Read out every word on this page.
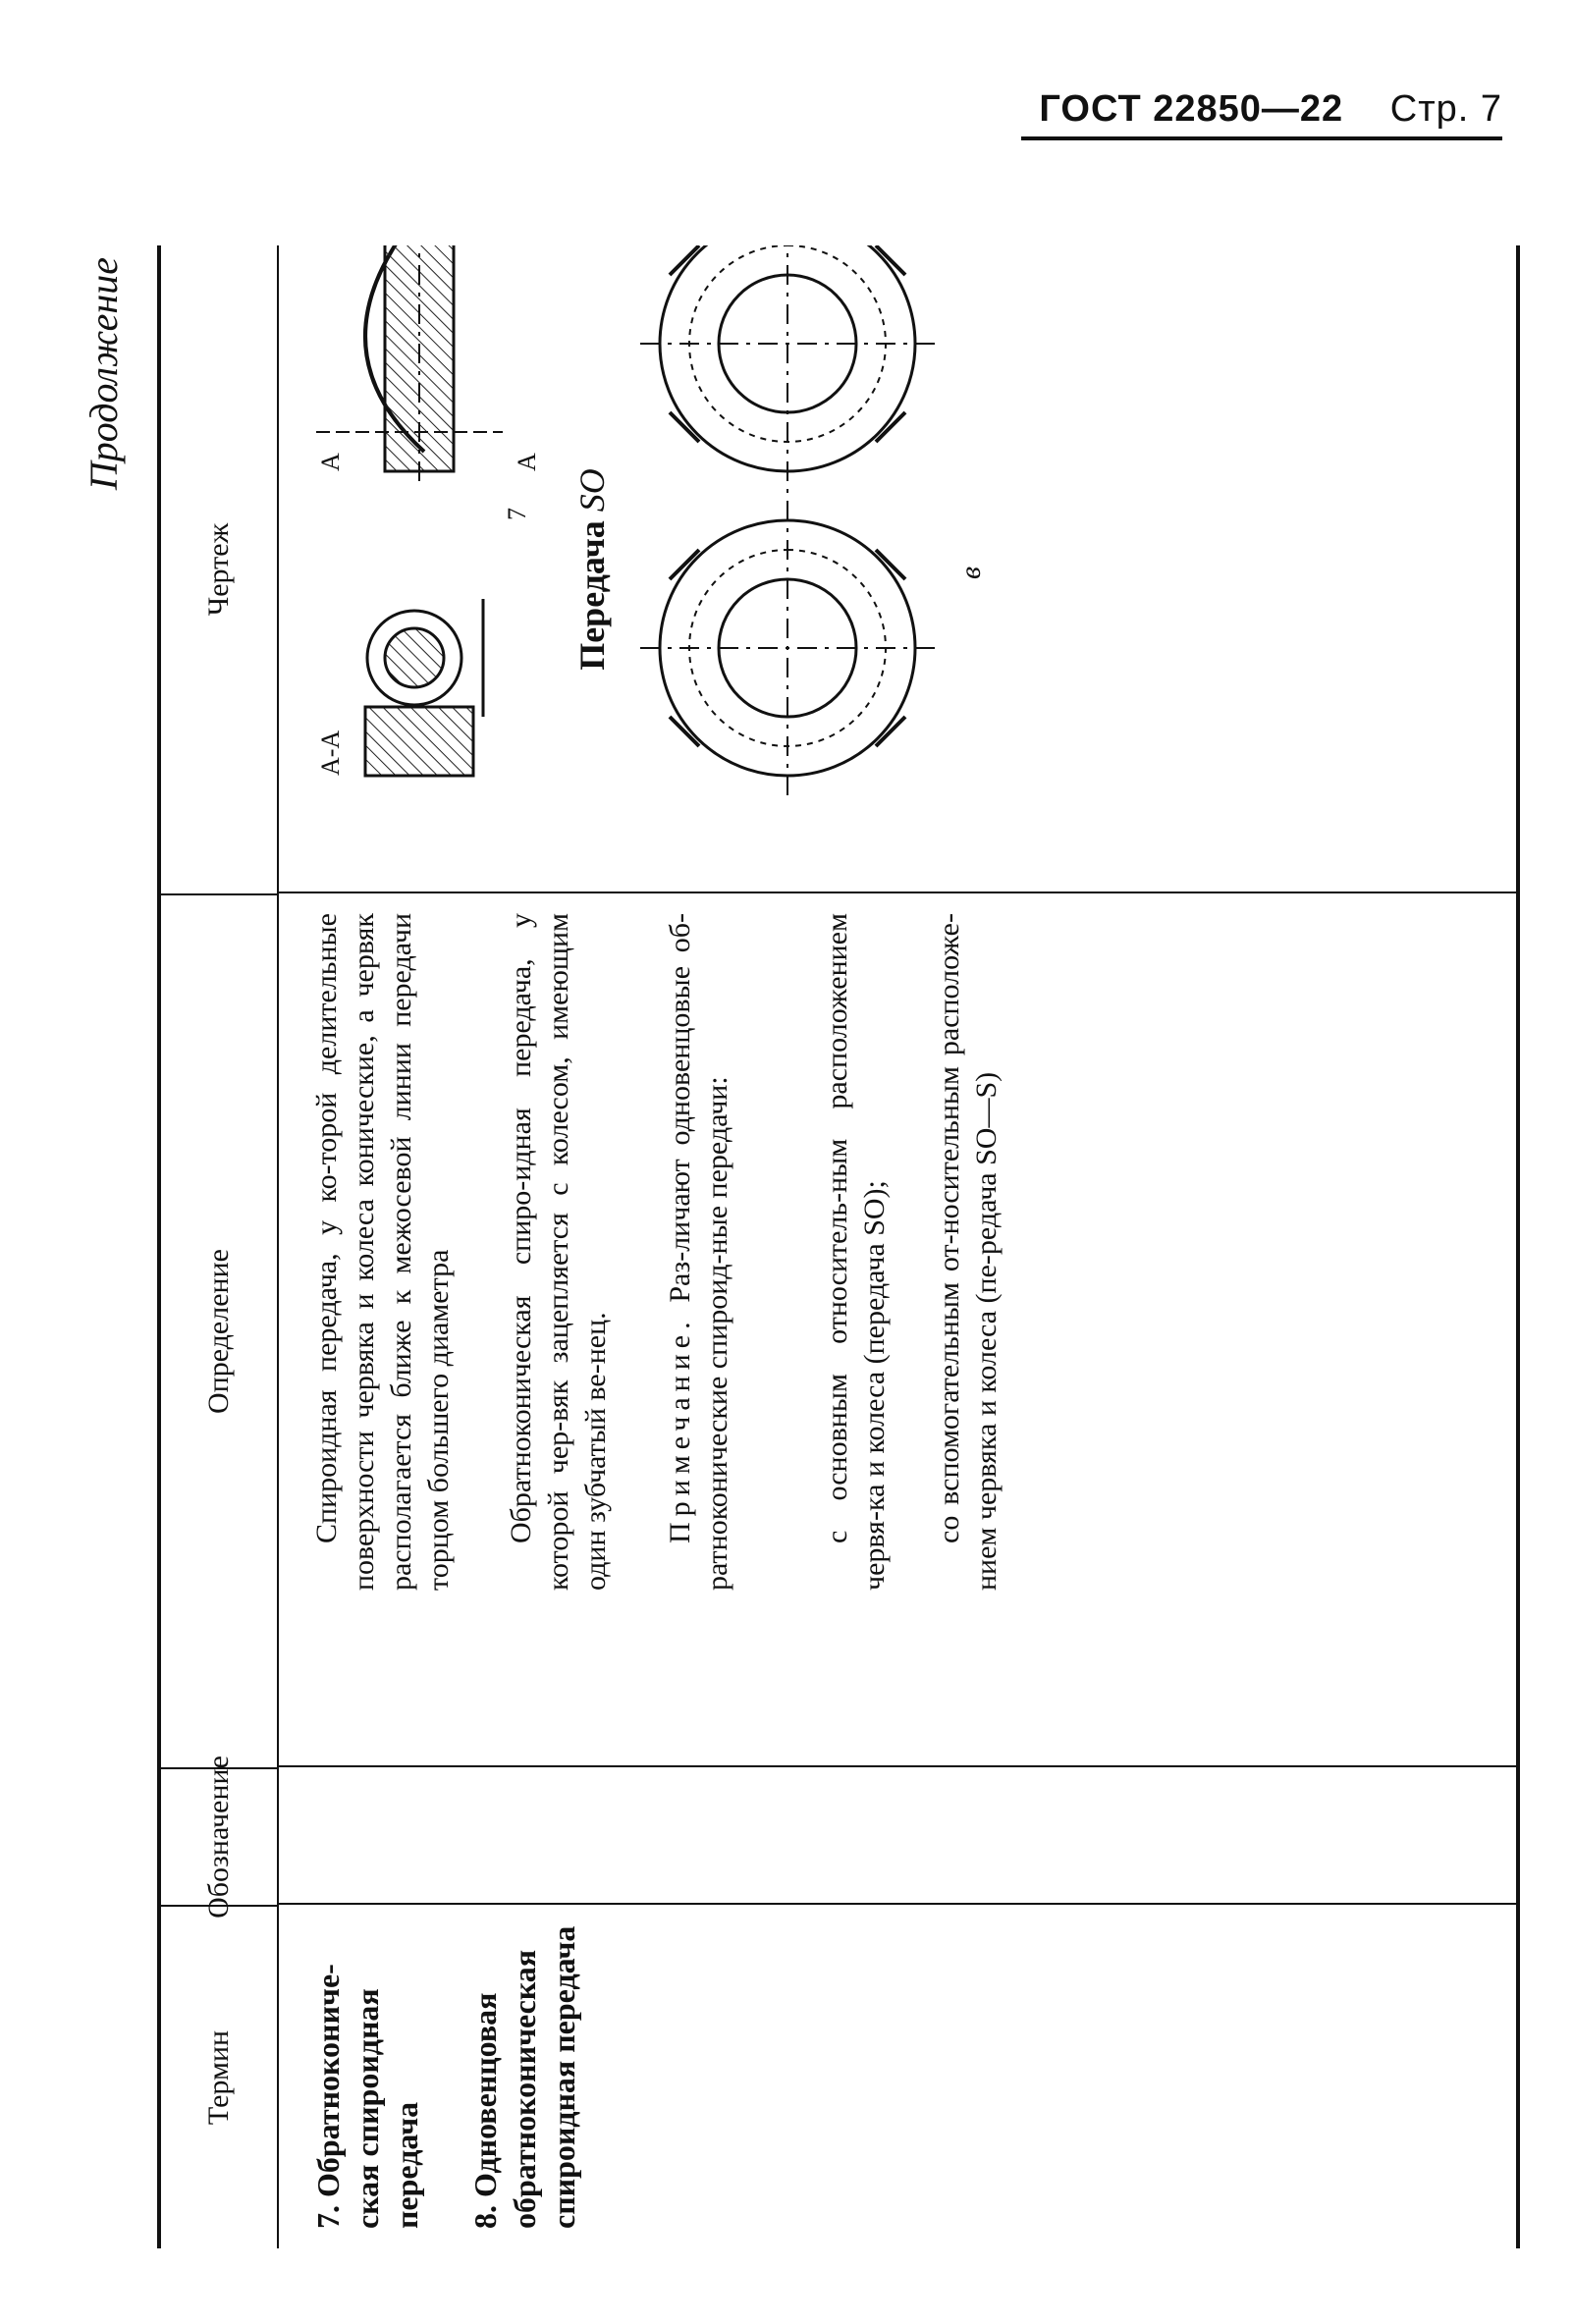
ГОСТ 22850—22 Стр. 7
Продолжение
Термин
Обозначение
Определение
Чертеж
7. Обратнокониче-ская спироидная передача
Спироидная передача, у ко-торой делительные поверхности червяка и колеса конические, а червяк располагается ближе к межосевой линии передачи торцом большего диаметра
8. Одновенцовая обратноконическая спироидная передача
Обратноконическая спиро-идная передача, у которой чер-вяк зацепляется с колесом, имеющим один зубчатый ве-нец. Примечание. Раз-личают одновенцовые об-ратноконические спироид-ные передачи:	с основным относитель-ным расположением червя-ка и колеса (передача SO); со вспомогательным от-носительным расположе-нием червяка и колеса (пе-редача SO—S)
Передача SO
A-A
A	A
7
в
